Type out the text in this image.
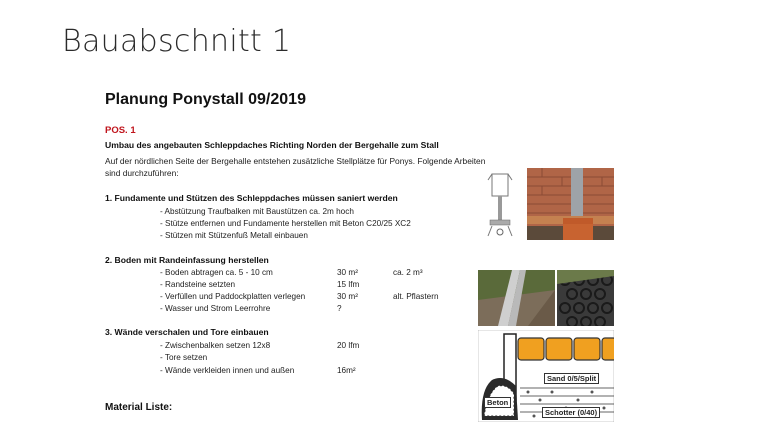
Bauabschnitt 1
Planung Ponystall 09/2019
POS. 1
Umbau des angebauten Schleppdaches Richting Norden der Bergehalle zum Stall
Auf der nördlichen Seite der Bergehalle entstehen zusätzliche Stellplätze für Ponys. Folgende Arbeiten
sind durchzuführen:
1. Fundamente und Stützen des Schleppdaches müssen saniert werden
- Abstützung Traufbalken mit Baustützen ca. 2m hoch
- Stütze entfernen und Fundamente herstellen mit Beton C20/25 XC2
- Stützen mit Stützenfuß Metall einbauen
2. Boden mit Randeinfassung herstellen
- Boden abtragen ca. 5 - 10 cm	30 m²	ca. 2 m³
- Randsteine setzten	15 lfm
- Verfüllen und Paddockplatten verlegen	30 m²	alt. Pflastern
- Wasser und Strom Leerrohre	?
3. Wände verschalen und Tore einbauen
- Zwischenbalken setzen 12x8	20 lfm
- Tore setzen
- Wände verkleiden innen und außen	16m²
Material Liste:
Sand 0/5/Split
Beton
Schotter (0/40)
